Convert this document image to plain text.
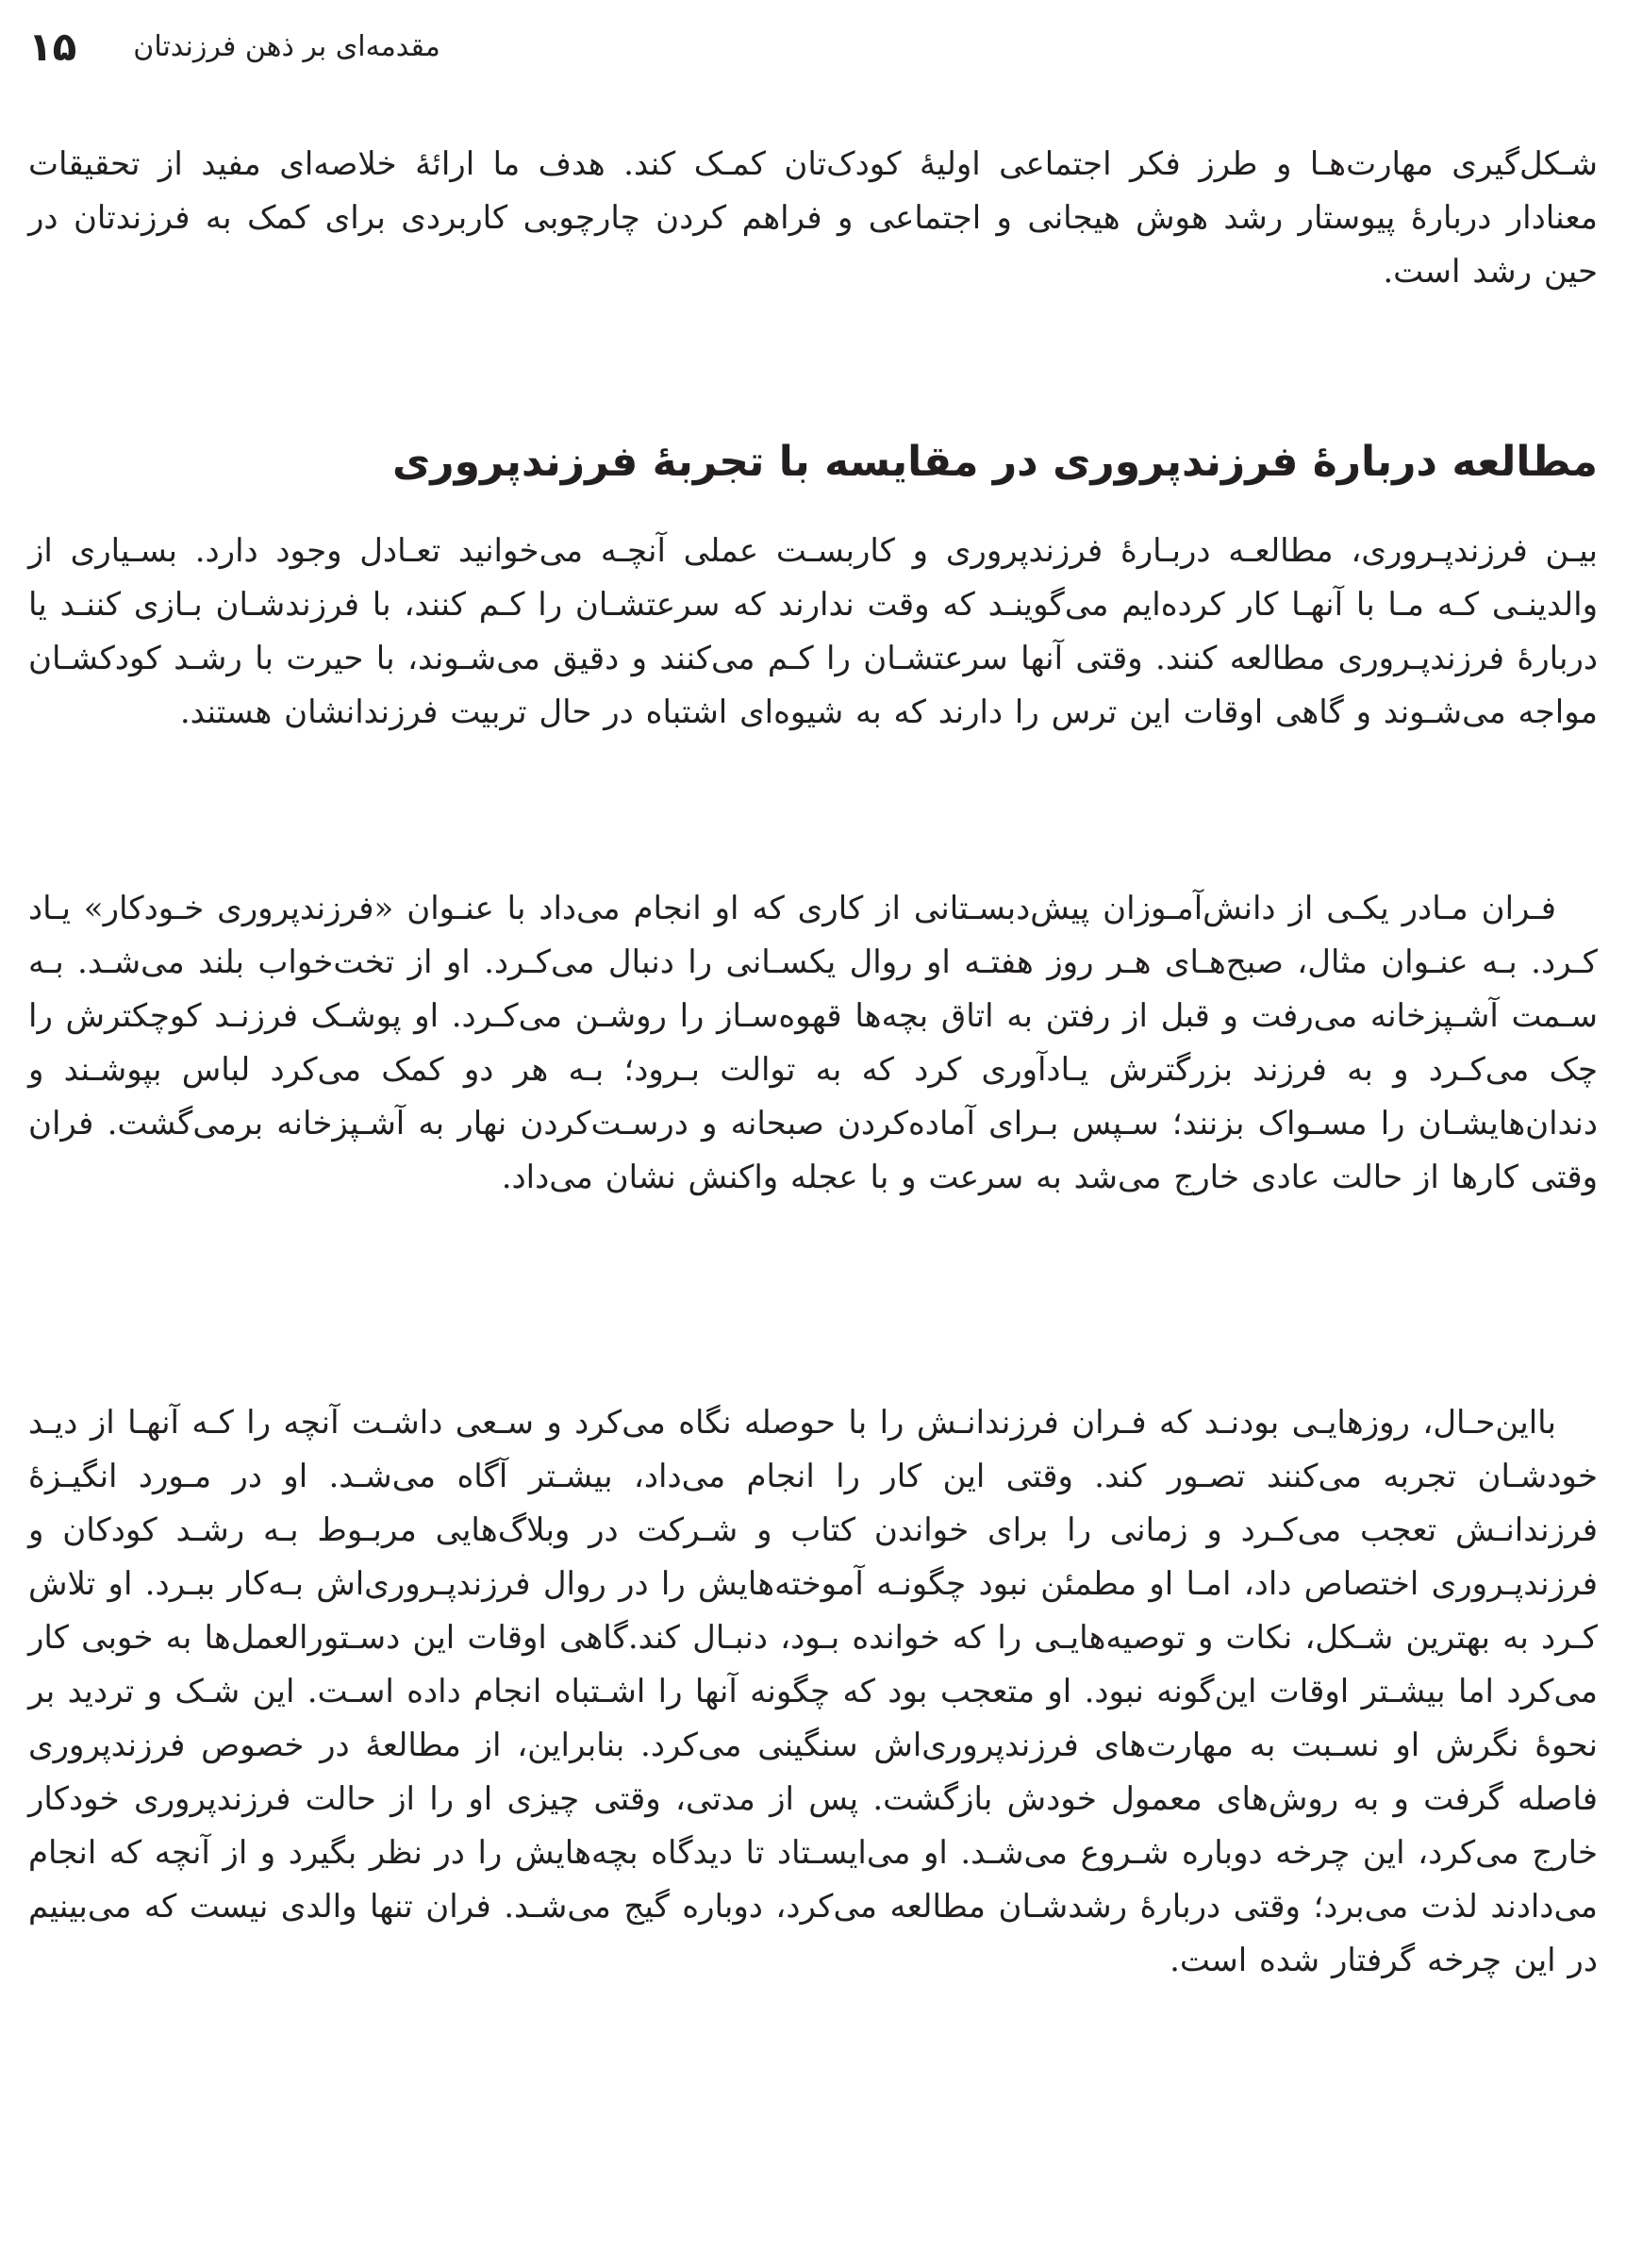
۱۵ مقدمه‌ای بر ذهن فرزندتان

شـکل‌گیری مهارت‌هـا و طرز فکر اجتماعی اولیهٔ کودک‌تان کمـک کند. هدف ما ارائهٔ خلاصه‌ای مفید از تحقیقات معنادار دربارهٔ پیوستار رشد هوش هیجانی و اجتماعی و فراهم کردن چارچوبی کاربردی برای کمک به فرزندتان در حین رشد است.

مطالعه دربارهٔ فرزندپروری در مقایسه با تجربهٔ فرزندپروری

بیـن فرزندپـروری، مطالعـه دربـارهٔ فرزندپروری و کاربسـت عملی آنچـه می‌خوانید تعـادل وجود دارد. بسـیاری از والدینـی کـه مـا با آنهـا کار کرده‌ایم می‌گوینـد که وقت ندارند که سرعتشـان را کـم کنند، با فرزندشـان بـازی کننـد یا دربارهٔ فرزندپـروری مطالعه کنند. وقتی آنها سرعتشـان را کـم می‌کنند و دقیق می‌شـوند، با حیرت با رشـد کودکشـان مواجه می‌شـوند و گاهی اوقات این ترس را دارند که به شیوه‌ای اشتباه در حال تربیت فرزندانشان هستند.

فـران مـادر یکـی از دانش‌آمـوزان پیش‌دبسـتانی از کاری که او انجام می‌داد با عنـوان «فرزندپروری خـودکار» یـاد کـرد. بـه عنـوان مثال، صبح‌هـای هـر روز هفتـه او روال یکسـانی را دنبال می‌کـرد. او از تخت‌خواب بلند می‌شـد. بـه سـمت آشـپزخانه می‌رفت و قبل از رفتن به اتاق بچه‌ها قهوه‌سـاز را روشـن می‌کـرد. او پوشـک فرزنـد کوچکترش را چک می‌کـرد و به فرزند بزرگترش یـادآوری کرد که به توالت بـرود؛ بـه هر دو کمک می‌کرد لباس بپوشـند و دندان‌هایشـان را مسـواک بزنند؛ سـپس بـرای آماده‌کردن صبحانه و درسـت‌کردن نهار به آشـپزخانه برمی‌گشت. فران وقتی کارها از حالت عادی خارج می‌شد به سرعت و با عجله واکنش نشان می‌داد.

بااین‌حـال، روزهایـی بودنـد که فـران فرزندانـش را با حوصله نگاه می‌کرد و سـعی داشـت آنچه را کـه آنهـا از دیـد خودشـان تجربه می‌کنند تصـور کند. وقتی این کار را انجام می‌داد، بیشـتر آگاه می‌شـد. او در مـورد انگیـزهٔ فرزندانـش تعجب می‌کـرد و زمانی را برای خواندن کتاب و شـرکت در وبلاگ‌هایی مربـوط بـه رشـد کودکان و فرزندپـروری اختصاص داد، امـا او مطمئن نبود چگونـه آموخته‌هایش را در روال فرزندپـروری‌اش بـه‌کار ببـرد. او تلاش کـرد به بهترین شـکل، نکات و توصیه‌هایـی را که خوانده بـود، دنبـال کند.گاهی اوقات این دسـتورالعمل‌ها به خوبی کار می‌کرد اما بیشـتر اوقات این‌گونه نبود. او متعجب بود که چگونه آنها را اشـتباه انجام داده اسـت. این شـک و تردید بر نحوهٔ نگرش او نسـبت به مهارت‌های فرزندپروری‌اش سنگینی می‌کرد. بنابراین، از مطالعهٔ در خصوص فرزندپروری فاصله گرفت و به روش‌های معمول خودش بازگشت. پس از مدتی، وقتی چیزی او را از حالت فرزندپروری خودکار خارج می‌کرد، این چرخه دوباره شـروع می‌شـد. او می‌ایسـتاد تا دیدگاه بچه‌هایش را در نظر بگیرد و از آنچه که انجام می‌دادند لذت می‌برد؛ وقتی دربارهٔ رشدشـان مطالعه می‌کرد، دوباره گیج می‌شـد. فران تنها والدی نیست که می‌بینیم در این چرخه گرفتار شده است.
